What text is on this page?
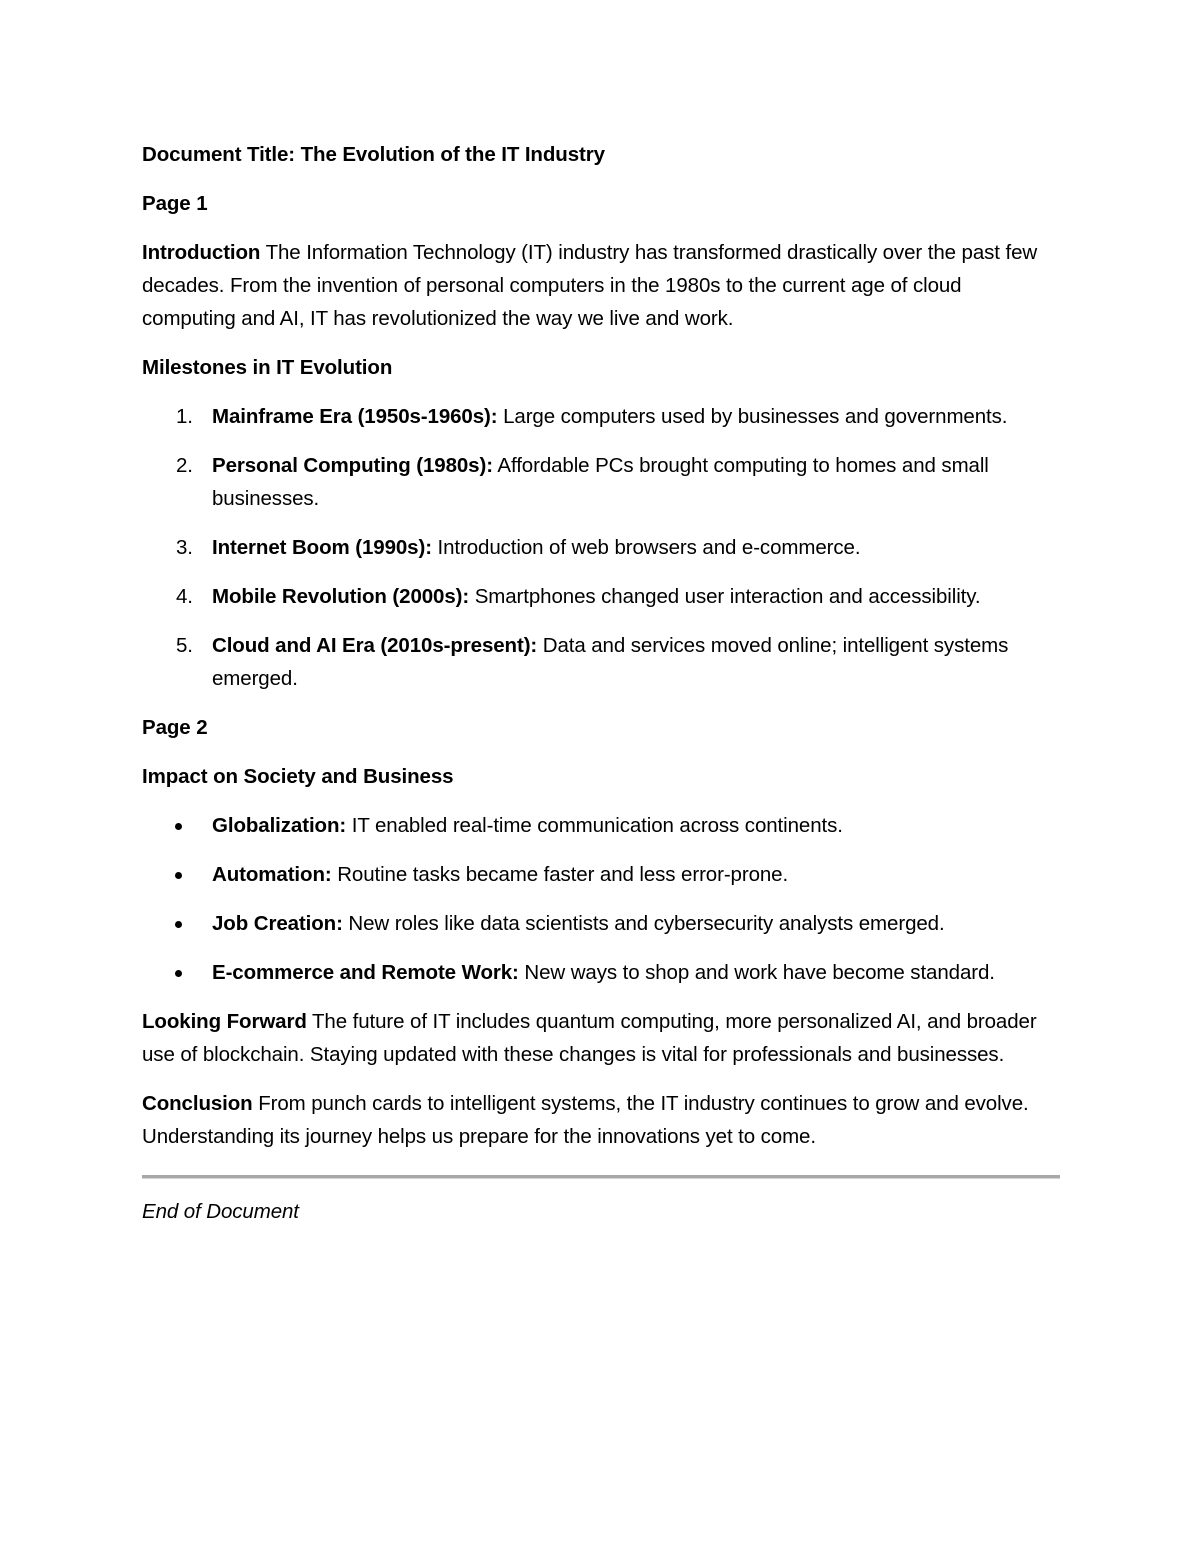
Document Title: The Evolution of the IT Industry

Page 1

Introduction The Information Technology (IT) industry has transformed drastically over the past few decades. From the invention of personal computers in the 1980s to the current age of cloud computing and AI, IT has revolutionized the way we live and work.

Milestones in IT Evolution

1. Mainframe Era (1950s-1960s): Large computers used by businesses and governments.
2. Personal Computing (1980s): Affordable PCs brought computing to homes and small businesses.
3. Internet Boom (1990s): Introduction of web browsers and e-commerce.
4. Mobile Revolution (2000s): Smartphones changed user interaction and accessibility.
5. Cloud and AI Era (2010s-present): Data and services moved online; intelligent systems emerged.

Page 2

Impact on Society and Business

Globalization: IT enabled real-time communication across continents.
Automation: Routine tasks became faster and less error-prone.
Job Creation: New roles like data scientists and cybersecurity analysts emerged.
E-commerce and Remote Work: New ways to shop and work have become standard.

Looking Forward The future of IT includes quantum computing, more personalized AI, and broader use of blockchain. Staying updated with these changes is vital for professionals and businesses.

Conclusion From punch cards to intelligent systems, the IT industry continues to grow and evolve. Understanding its journey helps us prepare for the innovations yet to come.

End of Document
